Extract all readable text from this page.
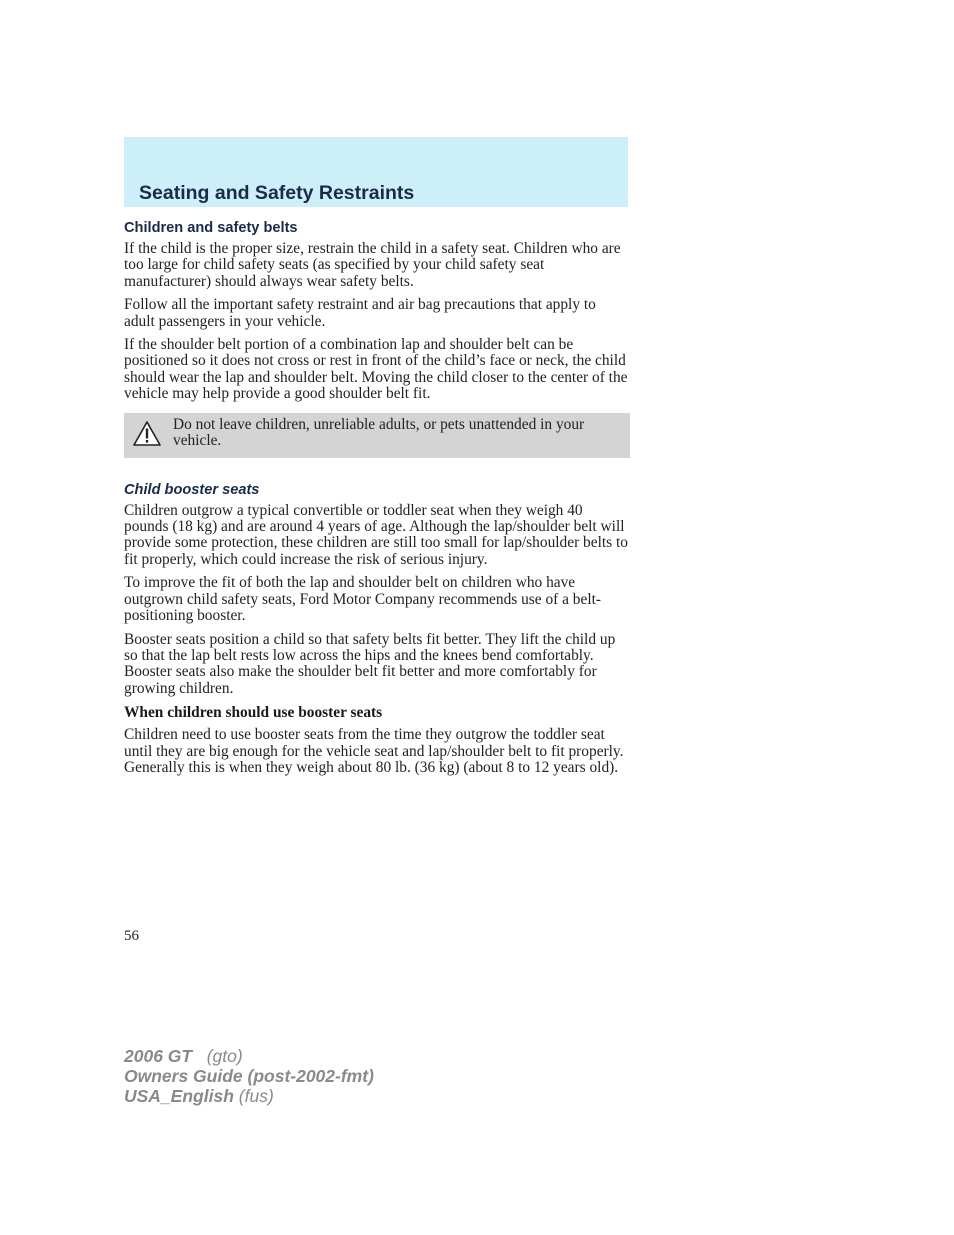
Seating and Safety Restraints
Children and safety belts

If the child is the proper size, restrain the child in a safety seat. Children who are too large for child safety seats (as specified by your child safety seat manufacturer) should always wear safety belts.

Follow all the important safety restraint and air bag precautions that apply to adult passengers in your vehicle.

If the shoulder belt portion of a combination lap and shoulder belt can be positioned so it does not cross or rest in front of the child’s face or neck, the child should wear the lap and shoulder belt. Moving the child closer to the center of the vehicle may help provide a good shoulder belt fit.

Do not leave children, unreliable adults, or pets unattended in your vehicle.

Child booster seats

Children outgrow a typical convertible or toddler seat when they weigh 40 pounds (18 kg) and are around 4 years of age. Although the lap/shoulder belt will provide some protection, these children are still too small for lap/shoulder belts to fit properly, which could increase the risk of serious injury.

To improve the fit of both the lap and shoulder belt on children who have outgrown child safety seats, Ford Motor Company recommends use of a belt-positioning booster.

Booster seats position a child so that safety belts fit better. They lift the child up so that the lap belt rests low across the hips and the knees bend comfortably. Booster seats also make the shoulder belt fit better and more comfortably for growing children.

When children should use booster seats

Children need to use booster seats from the time they outgrow the toddler seat until they are big enough for the vehicle seat and lap/shoulder belt to fit properly. Generally this is when they weigh about 80 lb. (36 kg) (about 8 to 12 years old).

56
2006 GT (gto)
Owners Guide (post-2002-fmt)
USA_English (fus)
